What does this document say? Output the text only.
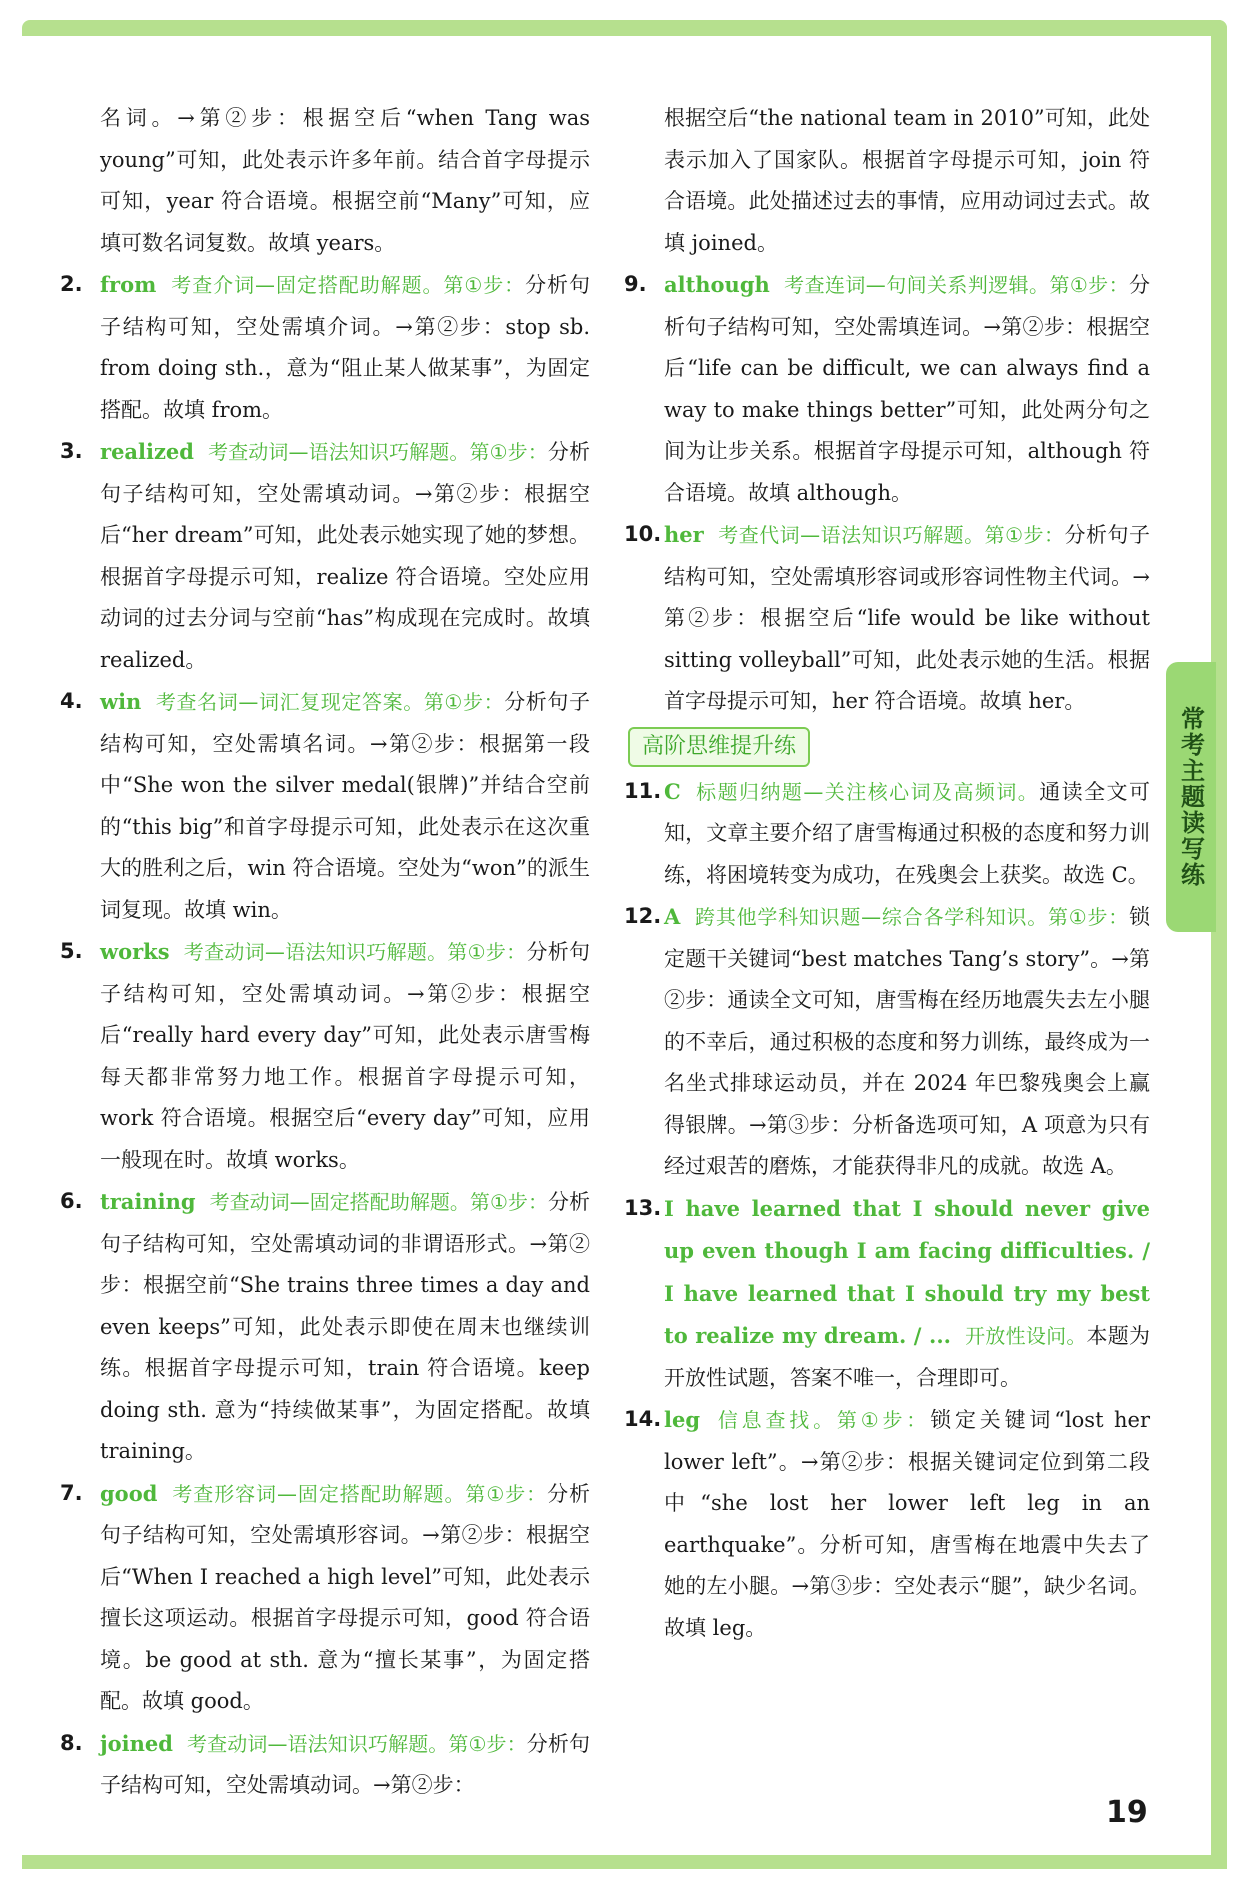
名词。→第②步：根据空后“when Tang was young”可知，此处表示许多年前。结合首字母提示可知，year 符合语境。根据空前“Many”可知，应填可数名词复数。故填 years。
2. from 考查介词—固定搭配助解题。第①步：分析句子结构可知，空处需填介词。→第②步：stop sb. from doing sth.，意为“阻止某人做某事”，为固定搭配。故填 from。
3. realized 考查动词—语法知识巧解题。第①步：分析句子结构可知，空处需填动词。→第②步：根据空后“her dream”可知，此处表示她实现了她的梦想。根据首字母提示可知，realize 符合语境。空处应用动词的过去分词与空前“has”构成现在完成时。故填 realized。
4. win 考查名词—词汇复现定答案。第①步：分析句子结构可知，空处需填名词。→第②步：根据第一段中“She won the silver medal(银牌)”并结合空前的“this big”和首字母提示可知，此处表示在这次重大的胜利之后，win 符合语境。空处为“won”的派生词复现。故填 win。
5. works 考查动词—语法知识巧解题。第①步：分析句子结构可知，空处需填动词。→第②步：根据空后“really hard every day”可知，此处表示唐雪梅每天都非常努力地工作。根据首字母提示可知，work 符合语境。根据空后“every day”可知，应用一般现在时。故填 works。
6. training 考查动词—固定搭配助解题。第①步：分析句子结构可知，空处需填动词的非谓语形式。→第②步：根据空前“She trains three times a day and even keeps”可知，此处表示即使在周末也继续训练。根据首字母提示可知，train 符合语境。keep doing sth. 意为“持续做某事”，为固定搭配。故填 training。
7. good 考查形容词—固定搭配助解题。第①步：分析句子结构可知，空处需填形容词。→第②步：根据空后“When I reached a high level”可知，此处表示擅长这项运动。根据首字母提示可知，good 符合语境。be good at sth. 意为“擅长某事”，为固定搭配。故填 good。
8. joined 考查动词—语法知识巧解题。第①步：分析句子结构可知，空处需填动词。→第②步：
根据空后“the national team in 2010”可知，此处表示加入了国家队。根据首字母提示可知，join 符合语境。此处描述过去的事情，应用动词过去式。故填 joined。
9. although 考查连词—句间关系判逻辑。第①步：分析句子结构可知，空处需填连词。→第②步：根据空后“life can be difficult, we can always find a way to make things better”可知，此处两分句之间为让步关系。根据首字母提示可知，although 符合语境。故填 although。
10. her 考查代词—语法知识巧解题。第①步：分析句子结构可知，空处需填形容词或形容词性物主代词。→第②步：根据空后“life would be like without sitting volleyball”可知，此处表示她的生活。根据首字母提示可知，her 符合语境。故填 her。
高阶思维提升练
11. C 标题归纳题—关注核心词及高频词。通读全文可知，文章主要介绍了唐雪梅通过积极的态度和努力训练，将困境转变为成功，在残奥会上获奖。故选 C。
12. A 跨其他学科知识题—综合各学科知识。第①步：锁定题干关键词“best matches Tang’s story”。→第②步：通读全文可知，唐雪梅在经历地震失去左小腿的不幸后，通过积极的态度和努力训练，最终成为一名坐式排球运动员，并在 2024 年巴黎残奥会上赢得银牌。→第③步：分析备选项可知，A 项意为只有经过艰苦的磨炼，才能获得非凡的成就。故选 A。
13. I have learned that I should never give up even though I am facing difficulties. / I have learned that I should try my best to realize my dream. / ... 开放性设问。本题为开放性试题，答案不唯一，合理即可。
14. leg 信息查找。第①步：锁定关键词“lost her lower left”。→第②步：根据关键词定位到第二段中“she lost her lower left leg in an earthquake”。分析可知，唐雪梅在地震中失去了她的左小腿。→第③步：空处表示“腿”，缺少名词。故填 leg。
常考主题读写练
19
